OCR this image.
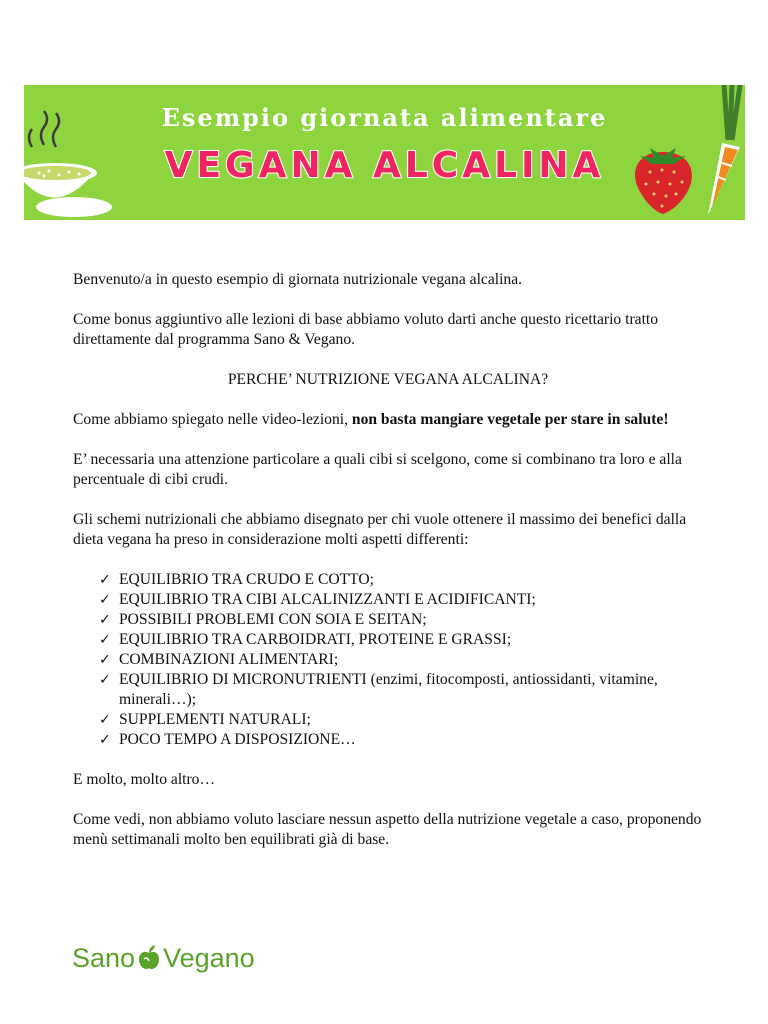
Esempio giornata alimentare
VEGANA ALCALINA

Benvenuto/a in questo esempio di giornata nutrizionale vegana alcalina.

Come bonus aggiuntivo alle lezioni di base abbiamo voluto darti anche questo ricettario tratto direttamente dal programma Sano & Vegano.

PERCHE’ NUTRIZIONE VEGANA ALCALINA?

Come abbiamo spiegato nelle video-lezioni, non basta mangiare vegetale per stare in salute!

E’ necessaria una attenzione particolare a quali cibi si scelgono, come si combinano tra loro e alla percentuale di cibi crudi.

Gli schemi nutrizionali che abbiamo disegnato per chi vuole ottenere il massimo dei benefici dalla dieta vegana ha preso in considerazione molti aspetti differenti:

✓ EQUILIBRIO TRA CRUDO E COTTO;
✓ EQUILIBRIO TRA CIBI ALCALINIZZANTI E ACIDIFICANTI;
✓ POSSIBILI PROBLEMI CON SOIA E SEITAN;
✓ EQUILIBRIO TRA CARBOIDRATI, PROTEINE E GRASSI;
✓ COMBINAZIONI ALIMENTARI;
✓ EQUILIBRIO DI MICRONUTRIENTI (enzimi, fitocomposti, antiossidanti, vitamine, minerali…);
✓ SUPPLEMENTI NATURALI;
✓ POCO TEMPO A DISPOSIZIONE…

E molto, molto altro…

Come vedi, non abbiamo voluto lasciare nessun aspetto della nutrizione vegetale a caso, proponendo menù settimanali molto ben equilibrati già di base.

Sano Vegano
